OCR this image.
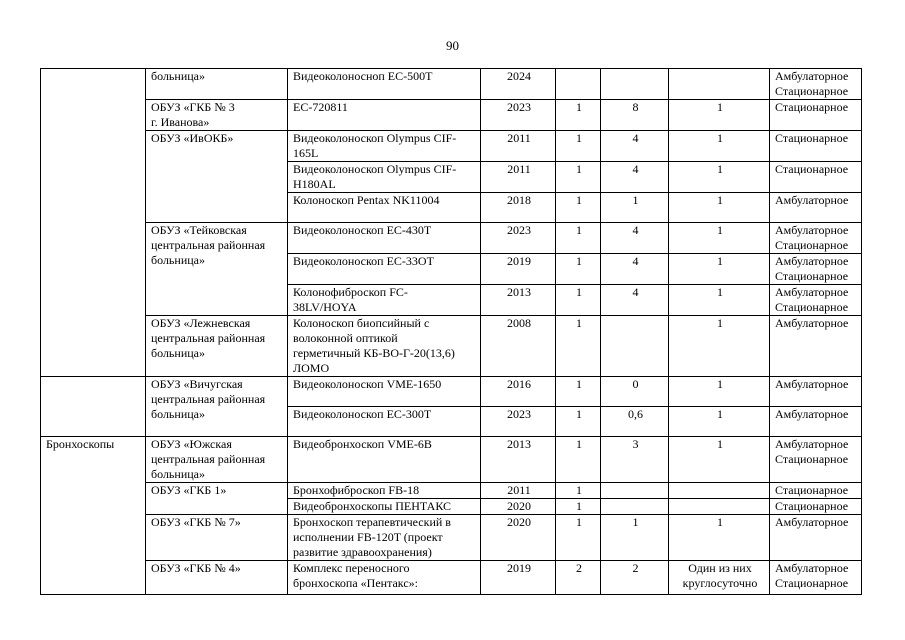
90
	больница»	Видеоколоносноп ЕС-500Т	2024				Амбулаторное
Стационарное
	ОБУЗ «ГКБ № 3
г. Иванова»	ЕС-720811	2023	1	8	1	Стационарное
	ОБУЗ «ИвОКБ»	Видеоколоноскоп Olympus CIF-165L	2011	1	4	1	Стационарное
		Видеоколоноскоп Olympus CIF-H180AL	2011	1	4	1	Стационарное
		Колоноскоп Pentax NK11004	2018	1	1	1	Амбулаторное
	ОБУЗ «Тейковская
центральная районная
больница»	Видеоколоноскоп ЕС-430Т	2023	1	4	1	Амбулаторное
Стационарное
		Видеоколоноскоп ЕС-33ОТ	2019	1	4	1	Амбулаторное
Стационарное
		Колонофиброскоп FC-
38LV/HOYA	2013	1	4	1	Амбулаторное
Стационарное
	ОБУЗ «Лежневская
центральная районная
больница»	Колоноскоп биопсийный с
волоконной оптикой
герметичный КБ-ВО-Г-20(13,6)
ЛОМО	2008	1		1	Амбулаторное
	ОБУЗ «Вичугская
центральная районная
больница»	Видеоколоноскоп VME-1650	2016	1	0	1	Амбулаторное
		Видеоколоноскоп ЕС-300Т	2023	1	0,6	1	Амбулаторное
Бронхоскопы	ОБУЗ «Южская
центральная районная
больница»	Видеобронхоскоп VME-6B	2013	1	3	1	Амбулаторное
Стационарное
	ОБУЗ «ГКБ 1»	Бронхофиброскоп FB-18	2011	1			Стационарное
		Видеобронхоскопы ПЕНТАКС	2020	1			Стационарное
	ОБУЗ «ГКБ № 7»	Бронхоскоп терапевтический в
исполнении FB-120T (проект
развитие здравоохранения)	2020	1	1	1	Амбулаторное
	ОБУЗ «ГКБ № 4»	Комплекс переносного
бронхоскопа «Пентакс»:	2019	2	2	Один из них
круглосуточно	Амбулаторное
Стационарное
